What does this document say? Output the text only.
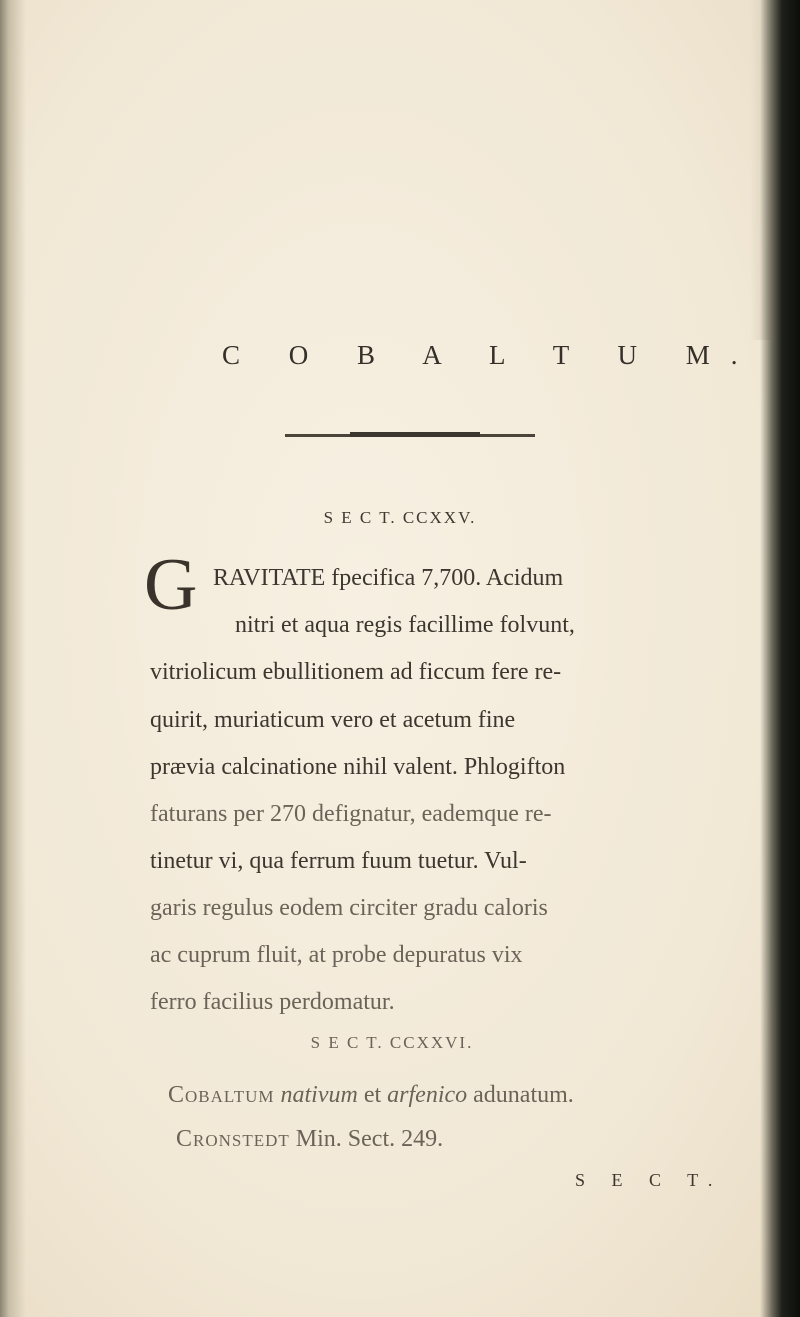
C O B A L T U M.
S E C T. CCXXV.
G RAVITATE fpecifica 7,700. Acidum
nitri et aqua regis facillime folvunt,
vitriolicum ebullitionem ad ficcum fere re-
quirit, muriaticum vero et acetum fine
prævia calcinatione nihil valent. Phlogifton
faturans per 270 defignatur, eademque re-
tinetur vi, qua ferrum fuum tuetur. Vul-
garis regulus eodem circiter gradu caloris
ac cuprum fluit, at probe depuratus vix
ferro facilius perdomatur.
S E C T. CCXXVI.
Cobaltum nativum et arfenico adunatum.
Cronstedt Min. Sect. 249.
S E C T.
